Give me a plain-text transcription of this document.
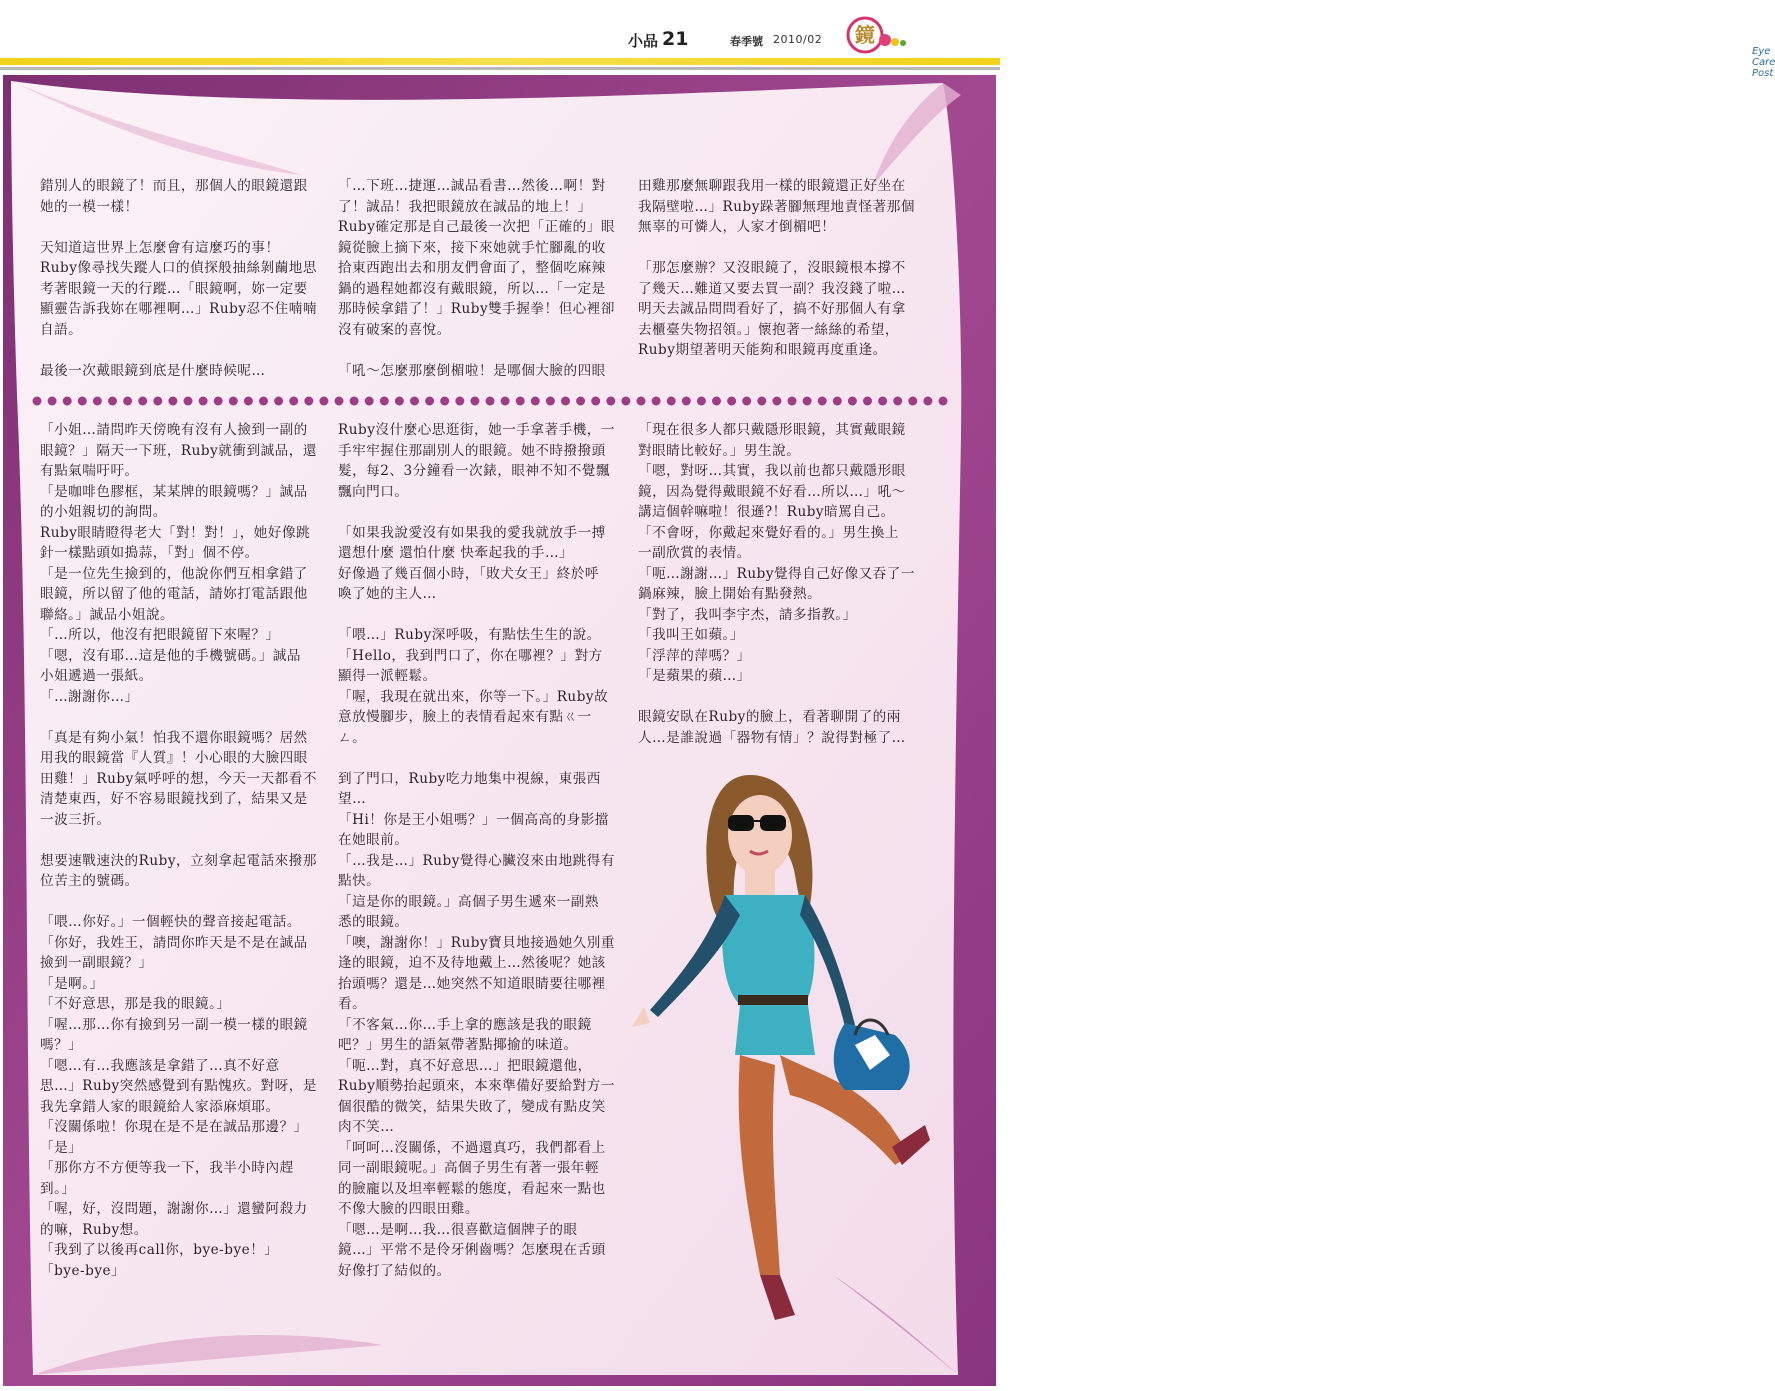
小品 21	春季號 2010/02 鏡
Eye Care Post
錯別人的眼鏡了！而且，那個人的眼鏡還跟
她的一模一樣！

天知道這世界上怎麼會有這麼巧的事！
Ruby像尋找失蹤人口的偵探般抽絲剝繭地思
考著眼鏡一天的行蹤…「眼鏡啊，妳一定要
顯靈告訴我妳在哪裡啊…」Ruby忍不住喃喃
自語。

最後一次戴眼鏡到底是什麼時候呢…
「…下班…捷運…誠品看書…然後…啊！對
了！誠品！我把眼鏡放在誠品的地上！」
Ruby確定那是自己最後一次把「正確的」眼
鏡從臉上摘下來，接下來她就手忙腳亂的收
拾東西跑出去和朋友們會面了，整個吃麻辣
鍋的過程她都沒有戴眼鏡，所以…「一定是
那時候拿錯了！」Ruby雙手握拳！但心裡卻
沒有破案的喜悅。

「吼～怎麼那麼倒楣啦！是哪個大臉的四眼
田雞那麼無聊跟我用一樣的眼鏡還正好坐在
我隔壁啦…」Ruby跺著腳無理地責怪著那個
無辜的可憐人，人家才倒楣吧！

「那怎麼辦？又沒眼鏡了，沒眼鏡根本撐不
了幾天…難道又要去買一副？我沒錢了啦…
明天去誠品問問看好了，搞不好那個人有拿
去櫃臺失物招領。」懷抱著一絲絲的希望，
Ruby期望著明天能夠和眼鏡再度重逢。
「小姐…請問昨天傍晚有沒有人撿到一副的
眼鏡？」隔天一下班，Ruby就衝到誠品，還
有點氣喘吁吁。
「是咖啡色膠框，某某牌的眼鏡嗎？」誠品
的小姐親切的詢問。
Ruby眼睛瞪得老大「對！對！」，她好像跳
針一樣點頭如搗蒜，「對」個不停。
「是一位先生撿到的，他說你們互相拿錯了
眼鏡，所以留了他的電話，請妳打電話跟他
聯絡。」誠品小姐說。
「…所以，他沒有把眼鏡留下來喔？」
「嗯，沒有耶…這是他的手機號碼。」誠品
小姐遞過一張紙。
「…謝謝你…」

「真是有夠小氣！怕我不還你眼鏡嗎？居然
用我的眼鏡當『人質』！小心眼的大臉四眼
田雞！」Ruby氣呼呼的想，今天一天都看不
清楚東西，好不容易眼鏡找到了，結果又是
一波三折。

想要速戰速決的Ruby，立刻拿起電話來撥那
位苦主的號碼。

「喂…你好。」一個輕快的聲音接起電話。
「你好，我姓王，請問你昨天是不是在誠品
撿到一副眼鏡？」
「是啊。」
「不好意思，那是我的眼鏡。」
「喔…那…你有撿到另一副一模一樣的眼鏡
嗎？」
「嗯…有…我應該是拿錯了…真不好意
思…」Ruby突然感覺到有點愧疚。對呀，是
我先拿錯人家的眼鏡給人家添麻煩耶。
「沒關係啦！你現在是不是在誠品那邊？」
「是」
「那你方不方便等我一下，我半小時內趕
到。」
「喔，好，沒問題，謝謝你…」還蠻阿殺力
的嘛，Ruby想。
「我到了以後再call你，bye-bye！」
「bye-bye」
Ruby沒什麼心思逛街，她一手拿著手機，一
手牢牢握住那副別人的眼鏡。她不時撥撥頭
髮，每2、3分鐘看一次錶，眼神不知不覺飄
飄向門口。

「如果我說愛沒有如果我的愛我就放手一搏
還想什麼 還怕什麼 快牽起我的手…」
好像過了幾百個小時，「敗犬女王」終於呼
喚了她的主人…

「喂…」Ruby深呼吸，有點怯生生的說。
「Hello，我到門口了，你在哪裡？」對方
顯得一派輕鬆。
「喔，我現在就出來，你等一下。」Ruby故
意放慢腳步，臉上的表情看起來有點ㄍ一
ㄥ。

到了門口，Ruby吃力地集中視線，東張西
望…
「Hi！你是王小姐嗎？」一個高高的身影擋
在她眼前。
「…我是…」Ruby覺得心臟沒來由地跳得有
點快。
「這是你的眼鏡。」高個子男生遞來一副熟
悉的眼鏡。
「噢，謝謝你！」Ruby寶貝地接過她久別重
逢的眼鏡，迫不及待地戴上…然後呢？她該
抬頭嗎？還是…她突然不知道眼睛要往哪裡
看。
「不客氣…你…手上拿的應該是我的眼鏡
吧？」男生的語氣帶著點揶揄的味道。
「呃…對，真不好意思…」把眼鏡還他，
Ruby順勢抬起頭來，本來準備好要給對方一
個很酷的微笑，結果失敗了，變成有點皮笑
肉不笑…
「呵呵…沒關係，不過還真巧，我們都看上
同一副眼鏡呢。」高個子男生有著一張年輕
的臉龐以及坦率輕鬆的態度，看起來一點也
不像大臉的四眼田雞。
「嗯…是啊…我…很喜歡這個牌子的眼
鏡…」平常不是伶牙俐齒嗎？怎麼現在舌頭
好像打了結似的。
「現在很多人都只戴隱形眼鏡，其實戴眼鏡
對眼睛比較好。」男生說。
「嗯，對呀…其實，我以前也都只戴隱形眼
鏡，因為覺得戴眼鏡不好看…所以…」吼～
講這個幹嘛啦！很遜?！Ruby暗罵自己。
「不會呀，你戴起來覺好看的。」男生換上
一副欣賞的表情。
「呃…謝謝…」Ruby覺得自己好像又吞了一
鍋麻辣，臉上開始有點發熱。
「對了，我叫李宇杰，請多指教。」
「我叫王如蘋。」
「浮萍的萍嗎？」
「是蘋果的蘋…」

眼鏡安臥在Ruby的臉上，看著聊開了的兩
人…是誰說過「器物有情」？說得對極了…
